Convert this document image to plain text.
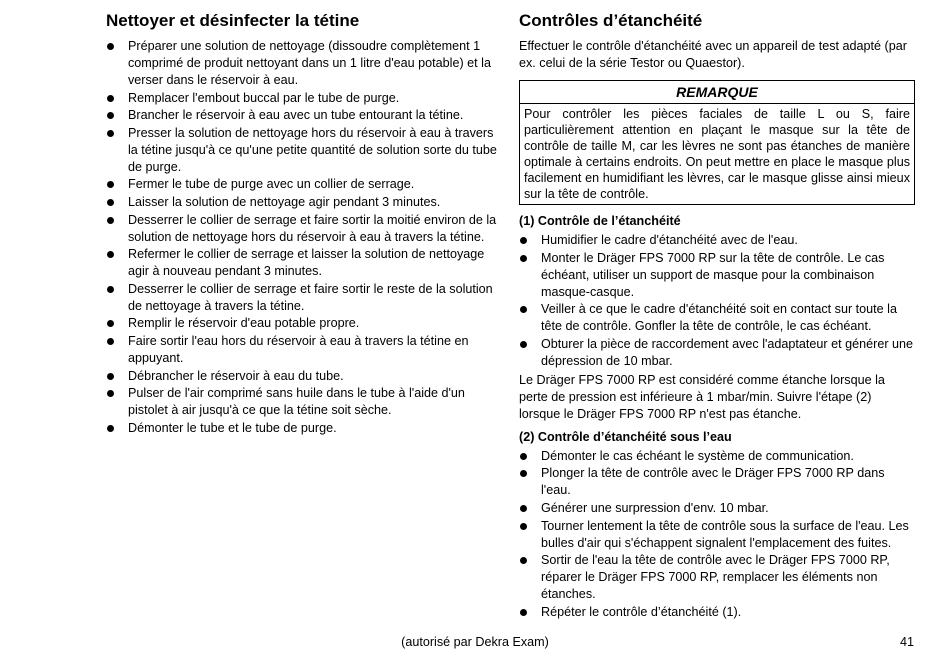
Nettoyer et désinfecter la tétine
Préparer une solution de nettoyage (dissoudre complètement 1 comprimé de produit nettoyant dans un 1 litre d'eau potable) et la verser dans le réservoir à eau.
Remplacer l'embout buccal par le tube de purge.
Brancher le réservoir à eau avec un tube entourant la tétine.
Presser la solution de nettoyage hors du réservoir à eau à travers la tétine jusqu'à ce qu'une petite quantité de solution sorte du tube de purge.
Fermer le tube de purge avec un collier de serrage.
Laisser la solution de nettoyage agir pendant 3 minutes.
Desserrer le collier de serrage et faire sortir la moitié environ de la solution de nettoyage hors du réservoir à eau à travers la tétine.
Refermer le collier de serrage et laisser la solution de nettoyage agir à nouveau pendant 3 minutes.
Desserrer le collier de serrage et faire sortir le reste de la solution de nettoyage à travers la tétine.
Remplir le réservoir d'eau potable propre.
Faire sortir l'eau hors du réservoir à eau à travers la tétine en appuyant.
Débrancher le réservoir à eau du tube.
Pulser de l'air comprimé sans huile dans le tube à l'aide d'un pistolet à air jusqu'à ce que la tétine soit sèche.
Démonter le tube et le tube de purge.
Contrôles d’étanchéité

Effectuer le contrôle d'étanchéité avec un appareil de test adapté (par ex. celui de la série Testor ou Quaestor).

REMARQUE
Pour contrôler les pièces faciales de taille L ou S, faire particulièrement attention en plaçant le masque sur la tête de contrôle de taille M, car les lèvres ne sont pas étanches de manière optimale à certains endroits. On peut mettre en place le masque plus facilement en humidifiant les lèvres, car le masque glisse ainsi mieux sur la tête de contrôle.
(1) Contrôle de l’étanchéité
Humidifier le cadre d'étanchéité avec de l'eau.
Monter le Dräger FPS 7000 RP sur la tête de contrôle. Le cas échéant, utiliser un support de masque pour la combinaison masque-casque.
Veiller à ce que le cadre d'étanchéité soit en contact sur toute la tête de contrôle. Gonfler la tête de contrôle, le cas échéant.
Obturer la pièce de raccordement avec l'adaptateur et générer une dépression de 10 mbar.

Le Dräger FPS 7000 RP est considéré comme étanche lorsque la perte de pression est inférieure à 1 mbar/min. Suivre l'étape (2) lorsque le Dräger FPS 7000 RP n'est pas étanche.

(2) Contrôle d’étanchéité sous l’eau
Démonter le cas échéant le système de communication.
Plonger la tête de contrôle avec le Dräger FPS 7000 RP dans l'eau.
Générer une surpression d'env. 10 mbar.
Tourner lentement la tête de contrôle sous la surface de l'eau. Les bulles d'air qui s'échappent signalent l'emplacement des fuites.
Sortir de l'eau la tête de contrôle avec le Dräger FPS 7000 RP, réparer le Dräger FPS 7000 RP, remplacer les éléments non étanches.
Répéter le contrôle d’étanchéité (1).
(autorisé par Dekra Exam)	41
